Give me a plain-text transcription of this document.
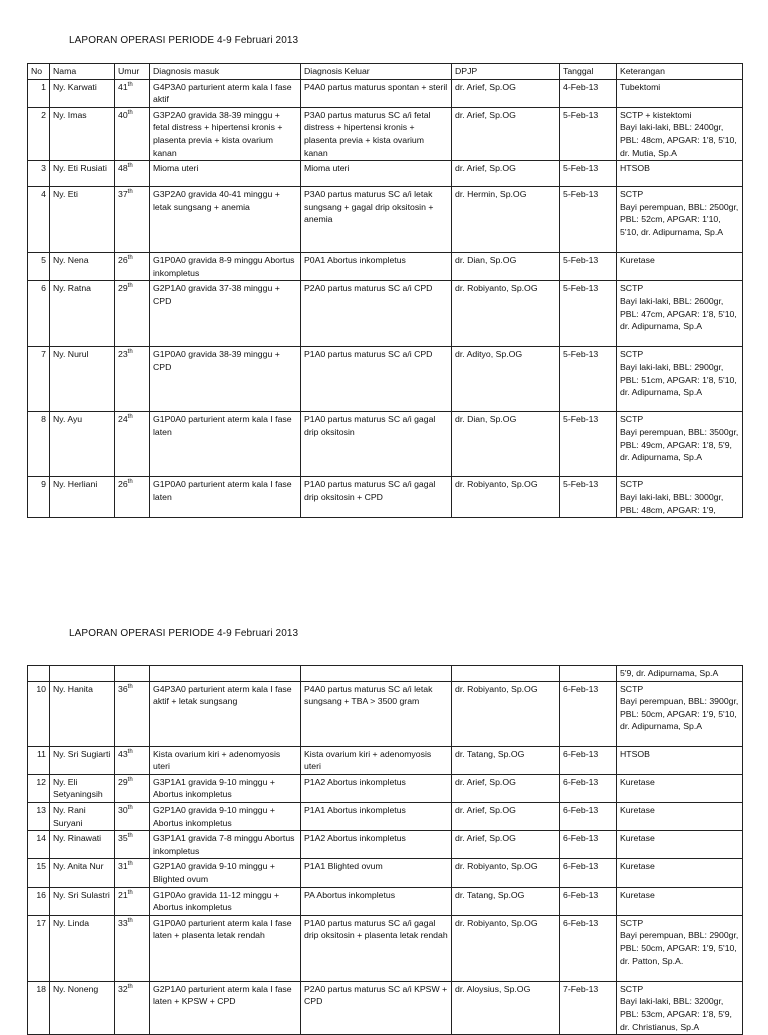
LAPORAN OPERASI PERIODE 4-9 Februari 2013
No	Nama	Umur	Diagnosis masuk	Diagnosis Keluar	DPJP	Tanggal	Keterangan
1	Ny. Karwati	41th	G4P3A0 parturient aterm kala I fase aktif	P4A0 partus maturus spontan + steril	dr. Arief, Sp.OG	4-Feb-13	Tubektomi

2	Ny. Imas	40th	G3P2A0 gravida 38-39 minggu + fetal distress + hipertensi kronis + plasenta previa + kista ovarium kanan	P3A0 partus maturus SC a/i fetal distress + hipertensi kronis + plasenta previa + kista ovarium kanan	dr. Arief, Sp.OG	5-Feb-13	SCTP + kistektomi
Bayi laki-laki, BBL: 2400gr, PBL: 48cm, APGAR: 1'8, 5'10, dr. Mutia, Sp.A

3	Ny. Eti Rusiati	48th	Mioma uteri	Mioma uteri	dr. Arief, Sp.OG	5-Feb-13	HTSOB

4	Ny. Eti	37th	G3P2A0 gravida 40-41 minggu + letak sungsang + anemia	P3A0 partus maturus SC a/i letak sungsang + gagal drip oksitosin + anemia	dr. Hermin, Sp.OG	5-Feb-13	SCTP
Bayi perempuan, BBL: 2500gr, PBL: 52cm, APGAR: 1'10, 5'10, dr. Adipurnama, Sp.A

5	Ny. Nena	26th	G1P0A0 gravida 8-9 minggu Abortus inkompletus	P0A1 Abortus inkompletus	dr. Dian, Sp.OG	5-Feb-13	Kuretase

6	Ny. Ratna	29th	G2P1A0 gravida 37-38 minggu + CPD	P2A0 partus maturus SC a/i CPD	dr. Robiyanto, Sp.OG	5-Feb-13	SCTP
Bayi laki-laki, BBL: 2600gr, PBL: 47cm, APGAR: 1'8, 5'10, dr. Adipurnama, Sp.A

7	Ny. Nurul	23th	G1P0A0 gravida 38-39 minggu + CPD	P1A0 partus maturus SC a/i CPD	dr. Adityo, Sp.OG	5-Feb-13	SCTP
Bayi laki-laki, BBL: 2900gr, PBL: 51cm, APGAR: 1'8, 5'10, dr. Adipurnama, Sp.A

8	Ny. Ayu	24th	G1P0A0 parturient aterm kala I fase laten	P1A0 partus maturus SC a/i gagal drip oksitosin	dr. Dian, Sp.OG	5-Feb-13	SCTP
Bayi perempuan, BBL: 3500gr, PBL: 49cm, APGAR: 1'8, 5'9, dr. Adipurnama, Sp.A

9	Ny. Herliani	26th	G1P0A0 parturient aterm kala I fase laten	P1A0 partus maturus SC a/i gagal drip oksitosin + CPD	dr. Robiyanto, Sp.OG	5-Feb-13	SCTP
Bayi laki-laki, BBL: 3000gr, PBL: 48cm, APGAR: 1'9,
LAPORAN OPERASI PERIODE 4-9 Februari 2013
							5'9, dr. Adipurnama, Sp.A
10	Ny. Hanita	36th	G4P3A0 parturient aterm kala I fase aktif + letak sungsang	P4A0 partus maturus SC a/i letak sungsang + TBA > 3500 gram	dr. Robiyanto, Sp.OG	6-Feb-13	SCTP
Bayi perempuan, BBL: 3900gr, PBL: 50cm, APGAR: 1'9, 5'10, dr. Adipurnama, Sp.A

11	Ny. Sri Sugiarti	43th	Kista ovarium kiri + adenomyosis uteri	Kista ovarium kiri + adenomyosis uteri	dr. Tatang, Sp.OG	6-Feb-13	HTSOB

12	Ny. Eli Setyaningsih	29th	G3P1A1 gravida 9-10 minggu + Abortus inkompletus	P1A2 Abortus inkompletus	dr. Arief, Sp.OG	6-Feb-13	Kuretase

13	Ny. Rani Suryani	30th	G2P1A0 gravida 9-10 minggu + Abortus inkompletus	P1A1 Abortus inkompletus	dr. Arief, Sp.OG	6-Feb-13	Kuretase

14	Ny. Rinawati	35th	G3P1A1 gravida 7-8 minggu Abortus inkompletus	P1A2 Abortus inkompletus	dr. Arief, Sp.OG	6-Feb-13	Kuretase

15	Ny. Anita Nur	31th	G2P1A0 gravida 9-10 minggu + Blighted ovum	P1A1 Blighted ovum	dr. Robiyanto, Sp.OG	6-Feb-13	Kuretase

16	Ny. Sri Sulastri	21th	G1P0Ao gravida 11-12 minggu + Abortus inkompletus	PA Abortus inkompletus	dr. Tatang, Sp.OG	6-Feb-13	Kuretase

17	Ny. Linda	33th	G1P0A0 parturient aterm kala I fase laten + plasenta letak rendah	P1A0 partus maturus SC a/i gagal drip oksitosin + plasenta letak rendah	dr. Robiyanto, Sp.OG	6-Feb-13	SCTP
Bayi perempuan, BBL: 2900gr, PBL: 50cm, APGAR: 1'9, 5'10, dr. Patton, Sp.A.

18	Ny. Noneng	32th	G2P1A0 parturient aterm kala I fase laten + KPSW + CPD	P2A0 partus maturus SC a/i KPSW + CPD	dr. Aloysius, Sp.OG	7-Feb-13	SCTP
Bayi laki-laki, BBL: 3200gr, PBL: 53cm, APGAR: 1'8, 5'9, dr. Christianus, Sp.A
